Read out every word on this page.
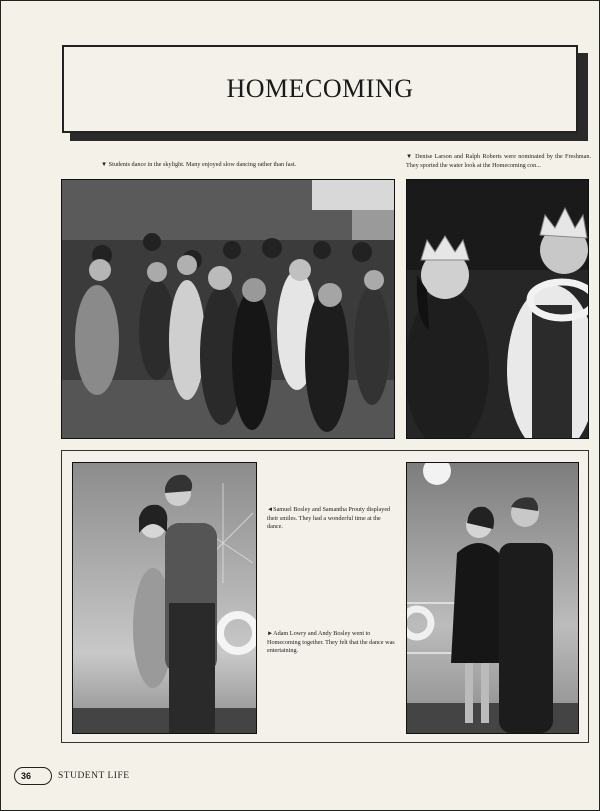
HOMECOMING
▼ Students dance in the skylight. Many enjoyed slow dancing rather than fast.
▼ Denise Larson and Ralph Roberts were nominated by the Freshman. They sported the water look at the Homecoming con...
◄Samuel Bosley and Samantha Prouty displayed their smiles. They had a wonderful time at the dance.
►Adam Lowry and Andy Bosley went to Homecoming together. They felt that the dance was entertaining.
36	STUDENT LIFE
